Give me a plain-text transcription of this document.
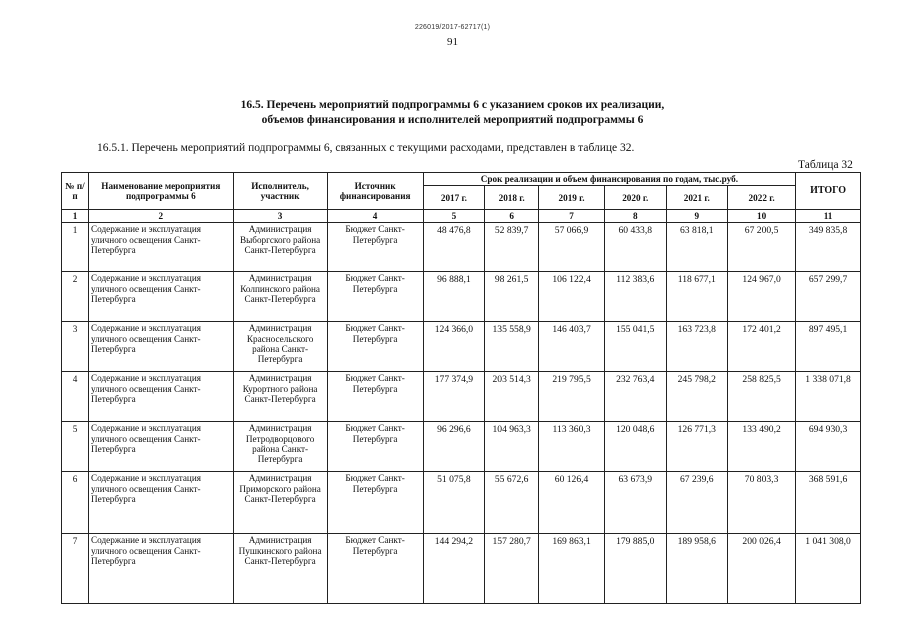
226019/2017-62717(1)
91
16.5. Перечень мероприятий подпрограммы 6 с указанием сроков их реализации,
объемов финансирования и исполнителей мероприятий подпрограммы 6
16.5.1. Перечень мероприятий подпрограммы 6, связанных с текущими расходами, представлен в таблице 32.
Таблица 32
№ п/п	Наименование мероприятия подпрограммы 6	Исполнитель, участник	Источник финансирования	Срок реализации и объем финансирования по годам, тыс.руб.						ИТОГО
				2017 г.	2018 г.	2019 г.	2020 г.	2021 г.	2022 г.	
1	2	3	4	5	6	7	8	9	10	11
1	Содержание и эксплуатация уличного освещения Санкт-Петербурга	Администрация Выборгского района Санкт-Петербурга	Бюджет Санкт-Петербурга	48 476,8	52 839,7	57 066,9	60 433,8	63 818,1	67 200,5	349 835,8
2	Содержание и эксплуатация уличного освещения Санкт-Петербурга	Администрация Колпинского района Санкт-Петербурга	Бюджет Санкт-Петербурга	96 888,1	98 261,5	106 122,4	112 383,6	118 677,1	124 967,0	657 299,7
3	Содержание и эксплуатация уличного освещения Санкт-Петербурга	Администрация Красносельского района Санкт-Петербурга	Бюджет Санкт-Петербурга	124 366,0	135 558,9	146 403,7	155 041,5	163 723,8	172 401,2	897 495,1
4	Содержание и эксплуатация уличного освещения Санкт-Петербурга	Администрация Курортного района Санкт-Петербурга	Бюджет Санкт-Петербурга	177 374,9	203 514,3	219 795,5	232 763,4	245 798,2	258 825,5	1 338 071,8
5	Содержание и эксплуатация уличного освещения Санкт-Петербурга	Администрация Петродворцового района Санкт-Петербурга	Бюджет Санкт-Петербурга	96 296,6	104 963,3	113 360,3	120 048,6	126 771,3	133 490,2	694 930,3
6	Содержание и эксплуатация уличного освещения Санкт-Петербурга	Администрация Приморского района Санкт-Петербурга	Бюджет Санкт-Петербурга	51 075,8	55 672,6	60 126,4	63 673,9	67 239,6	70 803,3	368 591,6
7	Содержание и эксплуатация уличного освещения Санкт-Петербурга	Администрация Пушкинского района Санкт-Петербурга	Бюджет Санкт-Петербурга	144 294,2	157 280,7	169 863,1	179 885,0	189 958,6	200 026,4	1 041 308,0
